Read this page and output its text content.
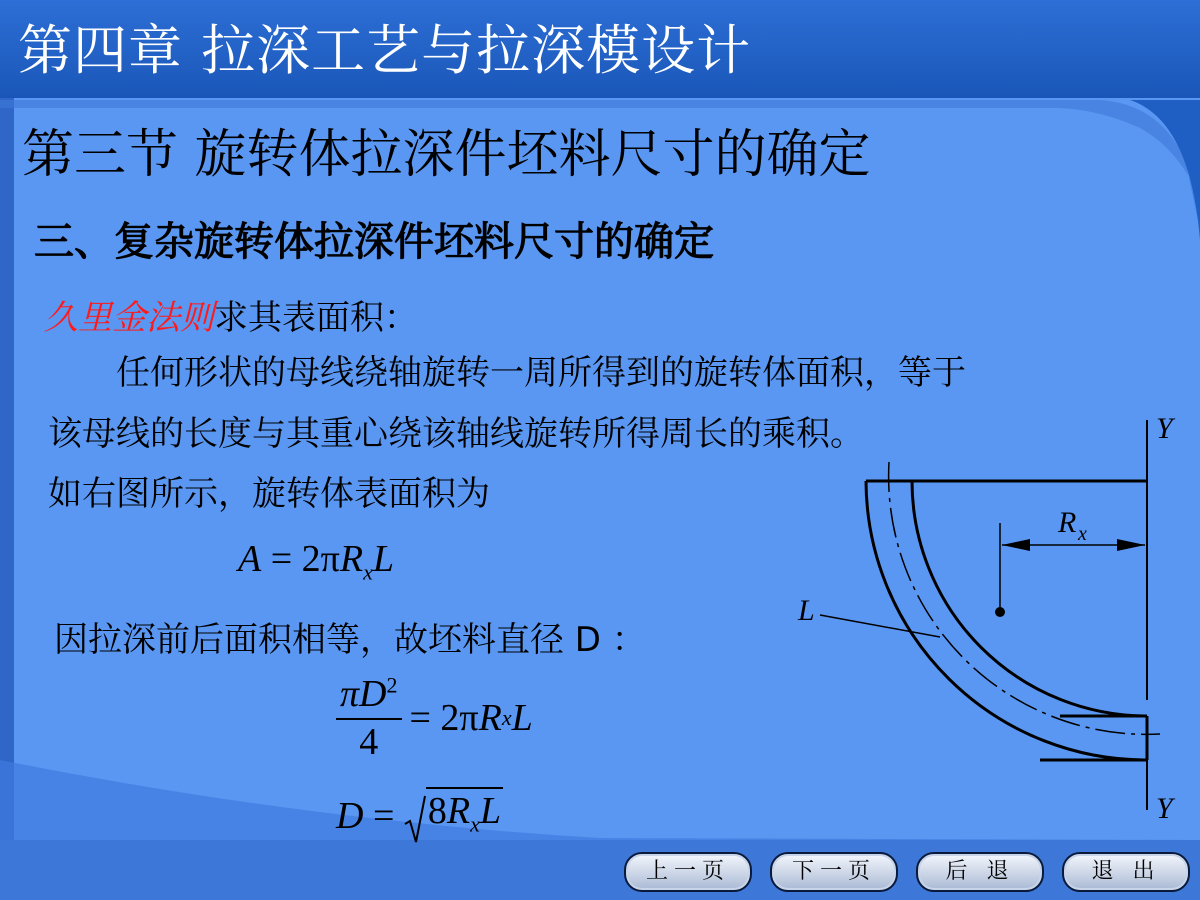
第四章 拉深工艺与拉深模设计
第三节 旋转体拉深件坯料尺寸的确定
三、复杂旋转体拉深件坯料尺寸的确定
久里金法则求其表面积：
任何形状的母线绕轴旋转一周所得到的旋转体面积，等于
该母线的长度与其重心绕该轴线旋转所得周长的乘积。
如右图所示，旋转体表面积为
因拉深前后面积相等，故坯料直径 D ：
$A = 2\pi R_xL$
$\frac{\pi D^2}{4} = 2\pi$ R x L
$D = 8R_xL$
Y
Y
L
R x
上一页	下一页	后 退	退 出
